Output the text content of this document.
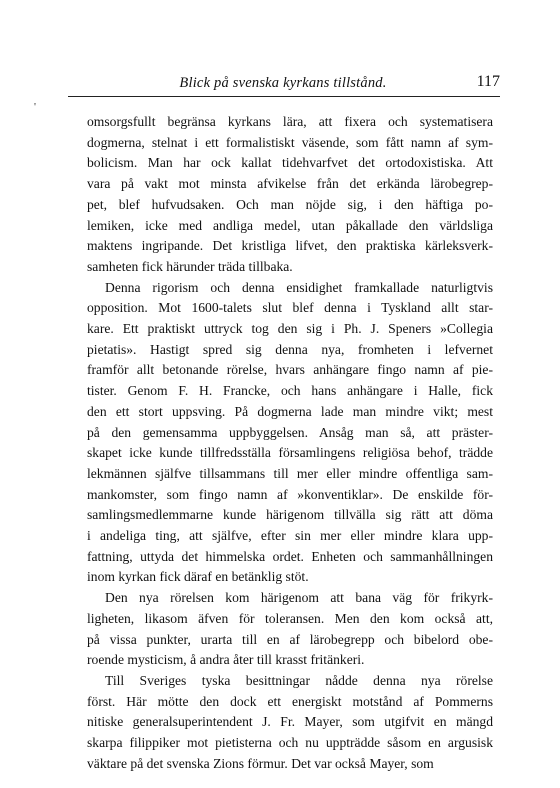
Blick på svenska kyrkans tillstånd.	117
'

omsorgsfullt begränsa kyrkans lära, att fixera och systematisera
dogmerna, stelnat i ett formalistiskt väsende, som fått namn af sym-
bolicism. Man har ock kallat tidehvarfvet det ortodoxistiska. Att
vara på vakt mot minsta afvikelse från det erkända lärobegrep-
pet, blef hufvudsaken. Och man nöjde sig, i den häftiga po-
lemiken, icke med andliga medel, utan påkallade den världsliga
maktens ingripande. Det kristliga lifvet, den praktiska kärleksverk-
samheten fick härunder träda tillbaka.

Denna rigorism och denna ensidighet framkallade naturligtvis
opposition. Mot 1600-talets slut blef denna i Tyskland allt star-
kare. Ett praktiskt uttryck tog den sig i Ph. J. Speners »Collegia
pietatis». Hastigt spred sig denna nya, fromheten i lefvernet
framför allt betonande rörelse, hvars anhängare fingo namn af pie-
tister. Genom F. H. Francke, och hans anhängare i Halle, fick
den ett stort uppsving. På dogmerna lade man mindre vikt; mest
på den gemensamma uppbyggelsen. Ansåg man så, att präster-
skapet icke kunde tillfredsställa församlingens religiösa behof, trädde
lekmännen själfve tillsammans till mer eller mindre offentliga sam-
mankomster, som fingo namn af »konventiklar». De enskilde för-
samlingsmedlemmarne kunde härigenom tillvälla sig rätt att döma
i andeliga ting, att själfve, efter sin mer eller mindre klara upp-
fattning, uttyda det himmelska ordet. Enheten och sammanhållningen
inom kyrkan fick däraf en betänklig stöt.

Den nya rörelsen kom härigenom att bana väg för frikyrk-
ligheten, likasom äfven för toleransen. Men den kom också att,
på vissa punkter, urarta till en af lärobegrepp och bibelord obe-
roende mysticism, å andra åter till krasst fritänkeri.

Till Sveriges tyska besittningar nådde denna nya rörelse
först. Här mötte den dock ett energiskt motstånd af Pommerns
nitiske generalsuperintendent J. Fr. Mayer, som utgifvit en mängd
skarpa filippiker mot pietisterna och nu uppträdde såsom en argusisk
väktare på det svenska Zions förmur. Det var också Mayer, som
